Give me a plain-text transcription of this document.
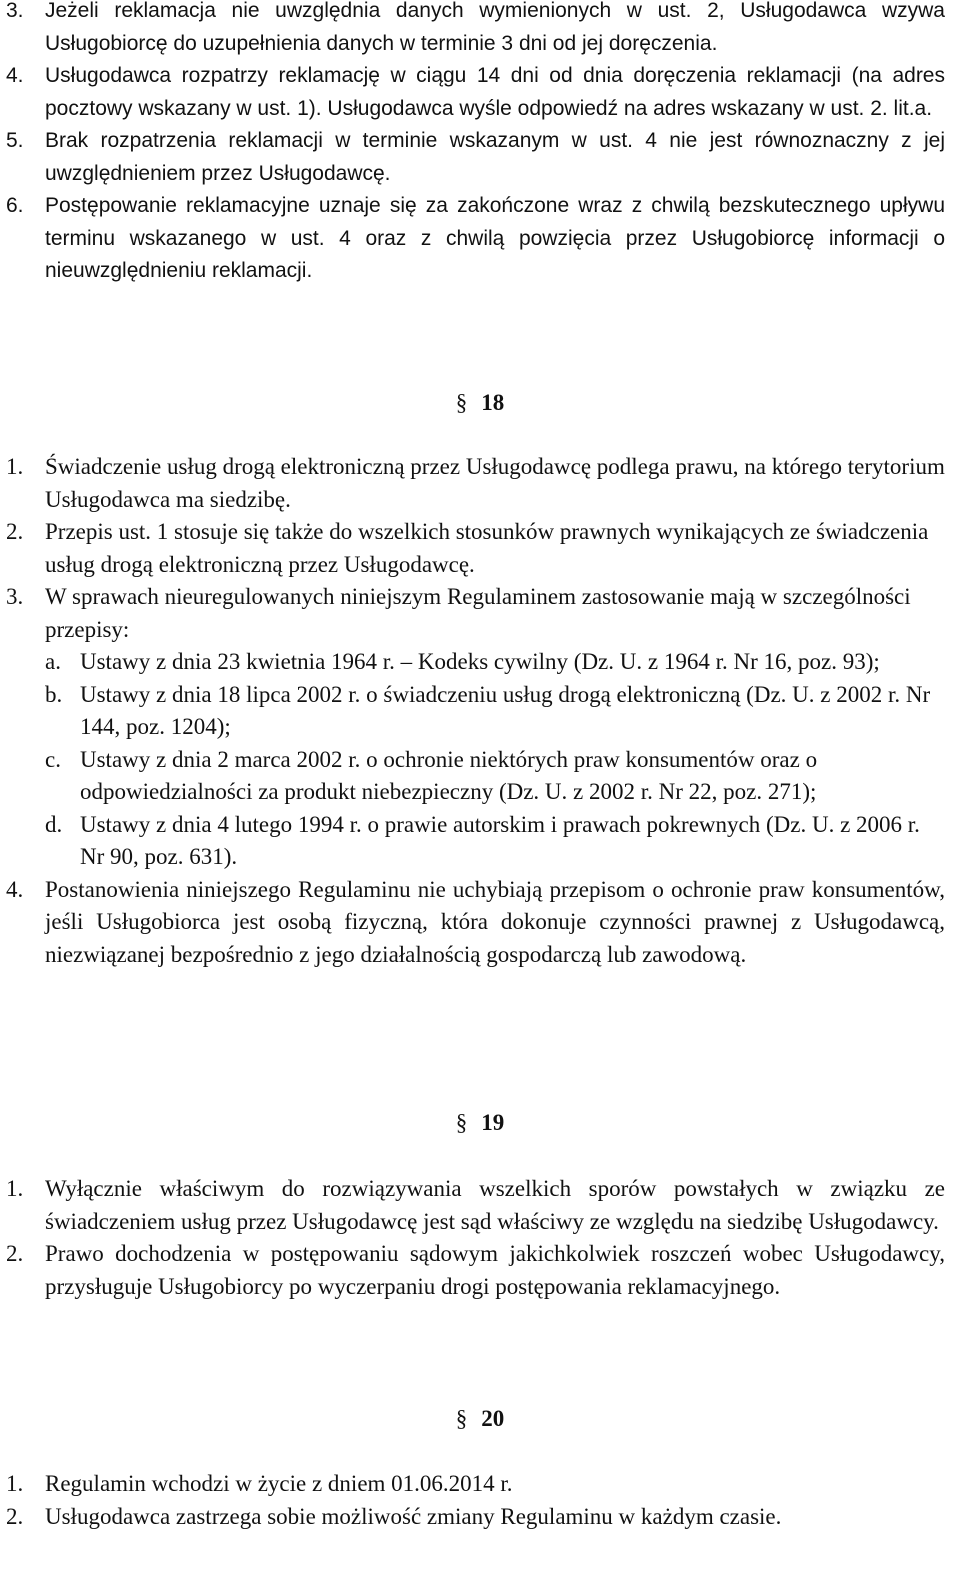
3. Jeżeli reklamacja nie uwzględnia danych wymienionych w ust. 2, Usługodawca wzywa Usługobiorcę do uzupełnienia danych w terminie 3 dni od jej doręczenia.
4. Usługodawca rozpatrzy reklamację w ciągu 14 dni od dnia doręczenia reklamacji (na adres pocztowy wskazany w ust. 1). Usługodawca wyśle odpowiedź na adres wskazany w ust. 2. lit.a.
5. Brak rozpatrzenia reklamacji w terminie wskazanym w ust. 4 nie jest równoznaczny z jej uwzględnieniem przez Usługodawcę.
6. Postępowanie reklamacyjne uznaje się za zakończone wraz z chwilą bezskutecznego upływu terminu wskazanego w ust. 4 oraz z chwilą powzięcia przez Usługobiorcę informacji o nieuwzględnieniu reklamacji.
§ 18
1. Świadczenie usług drogą elektroniczną przez Usługodawcę podlega prawu, na którego terytorium Usługodawca ma siedzibę.
2. Przepis ust. 1 stosuje się także do wszelkich stosunków prawnych wynikających ze świadczenia usług drogą elektroniczną przez Usługodawcę.
3. W sprawach nieuregulowanych niniejszym Regulaminem zastosowanie mają w szczególności przepisy:
a. Ustawy z dnia 23 kwietnia 1964 r. – Kodeks cywilny (Dz. U. z 1964 r. Nr 16, poz. 93);
b. Ustawy z dnia 18 lipca 2002 r. o świadczeniu usług drogą elektroniczną (Dz. U. z 2002 r. Nr 144, poz. 1204);
c. Ustawy z dnia 2 marca 2002 r. o ochronie niektórych praw konsumentów oraz o odpowiedzialności za produkt niebezpieczny (Dz. U. z 2002 r. Nr 22, poz. 271);
d. Ustawy z dnia 4 lutego 1994 r. o prawie autorskim i prawach pokrewnych (Dz. U. z 2006 r. Nr 90, poz. 631).
4. Postanowienia niniejszego Regulaminu nie uchybiają przepisom o ochronie praw konsumentów, jeśli Usługobiorca jest osobą fizyczną, która dokonuje czynności prawnej z Usługodawcą, niezwiązanej bezpośrednio z jego działalnością gospodarczą lub zawodową.
§ 19
1. Wyłącznie właściwym do rozwiązywania wszelkich sporów powstałych w związku ze świadczeniem usług przez Usługodawcę jest sąd właściwy ze względu na siedzibę Usługodawcy.
2. Prawo dochodzenia w postępowaniu sądowym jakichkolwiek roszczeń wobec Usługodawcy, przysługuje Usługobiorcy po wyczerpaniu drogi postępowania reklamacyjnego.
§ 20
1. Regulamin wchodzi w życie z dniem 01.06.2014 r.
2. Usługodawca zastrzega sobie możliwość zmiany Regulaminu w każdym czasie.
